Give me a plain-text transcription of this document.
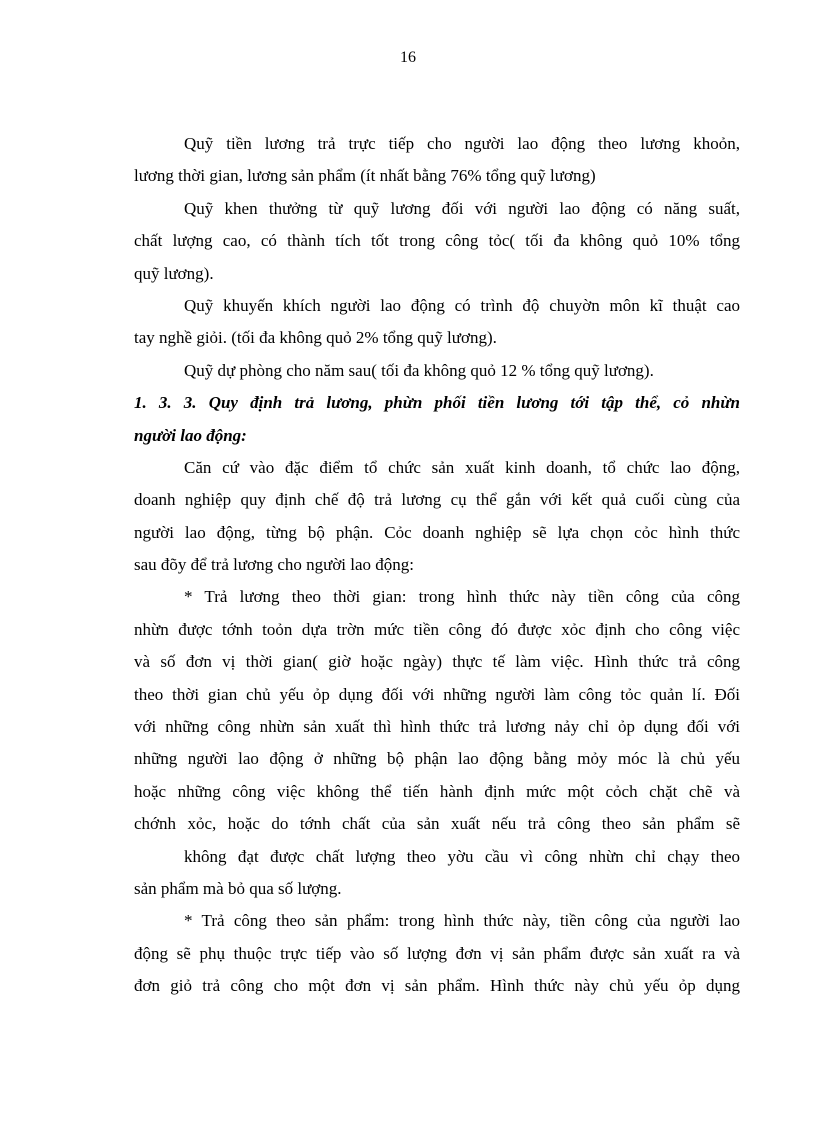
16
Quỹ tiền lương trả trực tiếp cho người lao động theo lương khoỏn,
lương thời gian, lương sản phẩm (ít nhất bằng 76% tổng quỹ lương)
Quỹ khen thưởng từ quỹ lương đối với người lao động có năng suất,
chất lượng cao, có thành tích tốt trong công tỏc( tối đa không quỏ 10% tổng
quỹ lương).
Quỹ khuyến khích người lao động có trình độ chuyờn môn kĩ thuật cao
tay nghề giỏi. (tối đa không quỏ 2% tổng quỹ lương).
Quỹ dự phòng cho năm sau( tối đa không quỏ 12 % tổng quỹ lương).
1. 3. 3. Quy định trả lương, phừn phối tiền lương tới tập thể, cỏ nhừn
người lao động:
Căn cứ vào đặc điểm tổ chức sản xuất kinh doanh, tổ chức lao động,
doanh nghiệp quy định chế độ trả lương cụ thể gắn với kết quả cuối cùng của
người lao động, từng bộ phận. Cỏc doanh nghiệp sẽ lựa chọn cỏc hình thức
sau đõy để trả lương cho người lao động:
* Trả lương theo thời gian: trong hình thức này tiền công của công
nhừn được tớnh toỏn dựa trờn mức tiền công đó được xỏc định cho công việc
và số đơn vị thời gian( giờ hoặc ngày) thực tế làm việc. Hình thức trả công
theo thời gian chủ yếu ỏp dụng đối với những người làm công tỏc quản lí. Đối
với những công nhừn sản xuất thì hình thức trả lương nảy chỉ ỏp dụng đối với
những người lao động ở những bộ phận lao động bằng mỏy móc là chủ yếu
hoặc những công việc không thể tiến hành định mức một cỏch chặt chẽ và
chớnh xỏc, hoặc do tớnh chất của sản xuất nếu trả công theo sản phẩm sẽ
không đạt được chất lượng theo yờu cầu vì công nhừn chỉ chạy theo
sản phẩm mà bỏ qua số lượng.
* Trả công theo sản phẩm: trong hình thức này, tiền công của người lao
động sẽ phụ thuộc trực tiếp vào số lượng đơn vị sản phẩm được sản xuất ra và
đơn giỏ trả công cho một đơn vị sản phẩm. Hình thức này chủ yếu ỏp dụng
